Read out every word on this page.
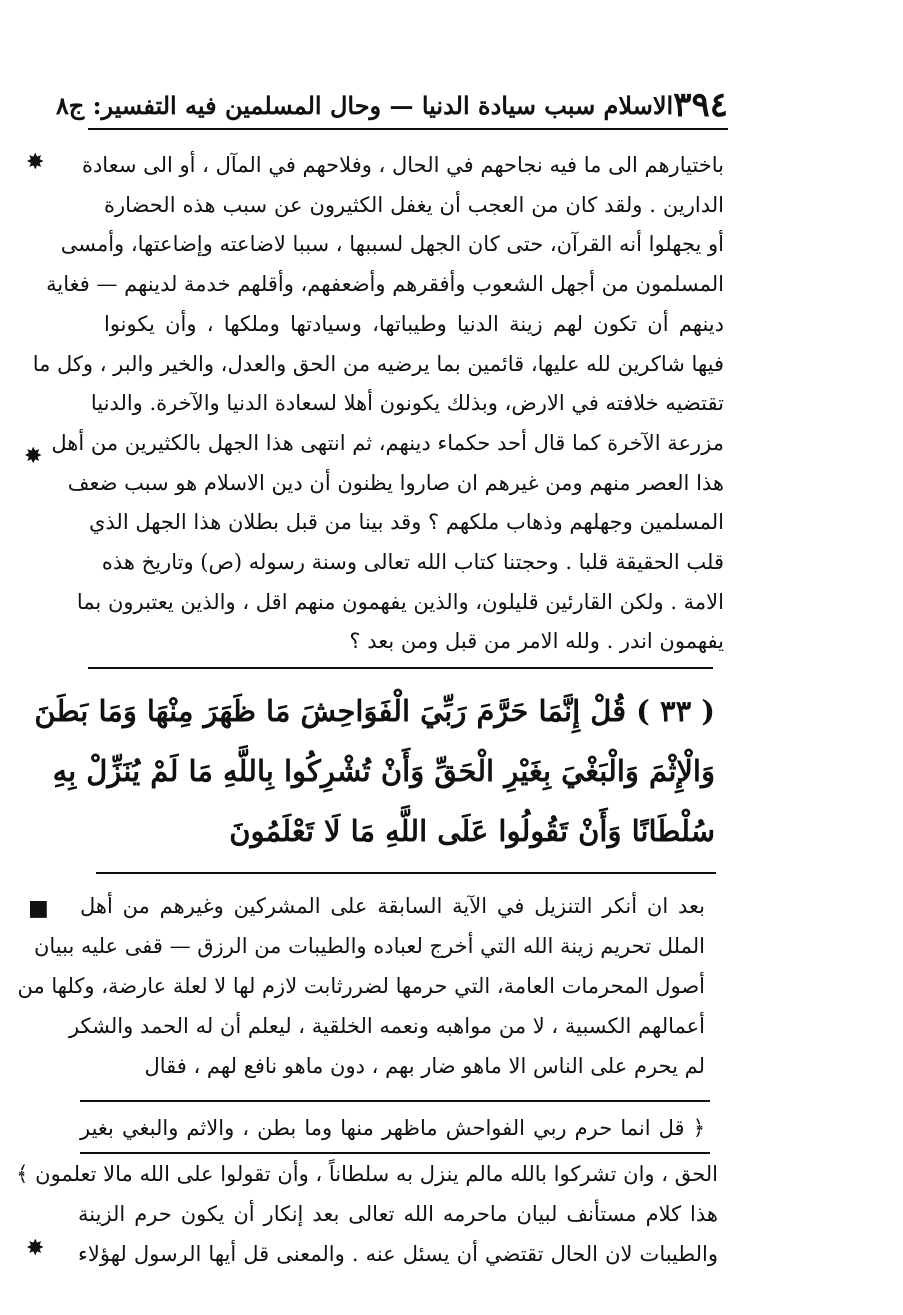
٣٩٤
الاسلام سبب سيادة الدنيا — وحال المسلمين فيه التفسير: ج٨
✸
✸
■
✸
باختيارهم الى ما فيه نجاحهم في الحال ، وفلاحهم في المآل ، أو الى سعادة
الدارين . ولقد كان من العجب أن يغفل الكثيرون عن سبب هذه الحضارة
أو يجهلوا أنه القرآن، حتى كان الجهل لسببها ، سببا لاضاعته وإضاعتها، وأمسى
المسلمون من أجهل الشعوب وأفقرهم وأضعفهم، وأقلهم خدمة لدينهم — فغاية
دينهم أن تكون لهم زينة الدنيا وطيباتها، وسيادتها وملكها ، وأن يكونوا
فيها شاكرين لله عليها، قائمين بما يرضيه من الحق والعدل، والخير والبر ، وكل ما
تقتضيه خلافته في الارض، وبذلك يكونون أهلا لسعادة الدنيا والآخرة. والدنيا
مزرعة الآخرة كما قال أحد حكماء دينهم، ثم انتهى هذا الجهل بالكثيرين من أهل
هذا العصر منهم ومن غيرهم ان صاروا يظنون أن دين الاسلام هو سبب ضعف
المسلمين وجهلهم وذهاب ملكهم ؟ وقد بينا من قبل بطلان هذا الجهل الذي
قلب الحقيقة قلبا . وحجتنا كتاب الله تعالى وسنة رسوله (ص) وتاريخ هذه
الامة . ولكن القارئين قليلون، والذين يفهمون منهم اقل ، والذين يعتبرون بما
يفهمون اندر . ولله الامر من قبل ومن بعد ؟
( ٣٣ ) قُلْ إِنَّمَا حَرَّمَ رَبِّيَ الْفَوَاحِشَ مَا ظَهَرَ مِنْهَا وَمَا بَطَنَ
وَالْإِثْمَ وَالْبَغْيَ بِغَيْرِ الْحَقِّ وَأَنْ تُشْرِكُوا بِاللَّهِ مَا لَمْ يُنَزِّلْ بِهِ
سُلْطَانًا وَأَنْ تَقُولُوا عَلَى اللَّهِ مَا لَا تَعْلَمُونَ
بعد ان أنكر التنزيل في الآية السابقة على المشركين وغيرهم من أهل
الملل تحريم زينة الله التي أخرج لعباده والطيبات من الرزق — قفى عليه ببيان
أصول المحرمات العامة، التي حرمها لضررثابت لازم لها لا لعلة عارضة، وكلها من
أعمالهم الكسبية ، لا من مواهبه ونعمه الخلقية ، ليعلم أن له الحمد والشكر
لم يحرم على الناس الا ماهو ضار بهم ، دون ماهو نافع لهم ، فقال
﴿ قل انما حرم ربي الفواحش ماظهر منها وما بطن ، والاثم والبغي بغير
الحق ، وان تشركوا بالله مالم ينزل به سلطاناً ، وأن تقولوا على الله مالا تعلمون ﴾
هذا كلام مستأنف لبيان ماحرمه الله تعالى بعد إنكار أن يكون حرم الزينة
والطيبات لان الحال تقتضي أن يسئل عنه . والمعنى قل أيها الرسول لهؤلاء
